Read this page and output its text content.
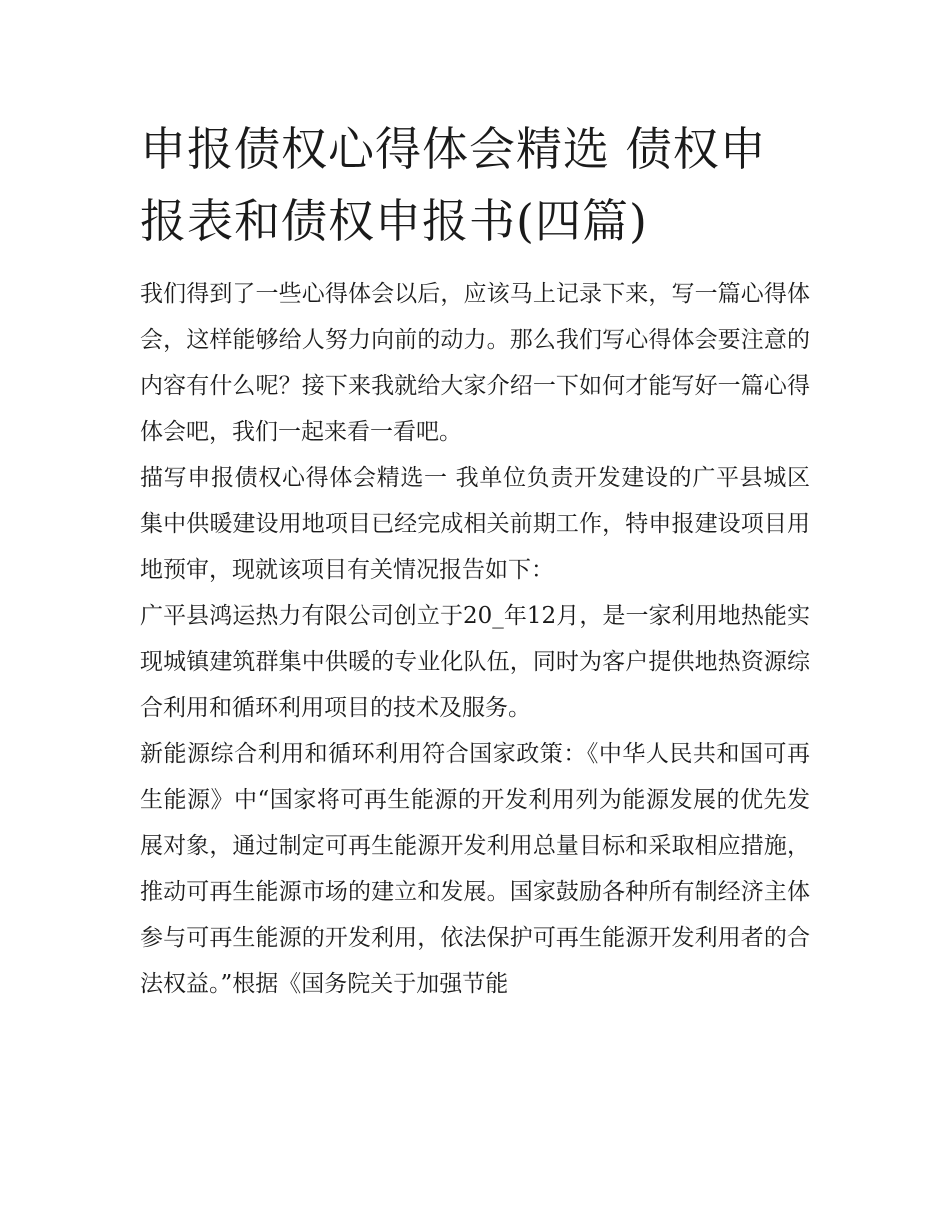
申报债权心得体会精选 债权申报表和债权申报书(四篇)

我们得到了一些心得体会以后，应该马上记录下来，写一篇心得体会，这样能够给人努力向前的动力。那么我们写心得体会要注意的内容有什么呢？接下来我就给大家介绍一下如何才能写好一篇心得体会吧，我们一起来看一看吧。

描写申报债权心得体会精选一 我单位负责开发建设的广平县城区集中供暖建设用地项目已经完成相关前期工作，特申报建设项目用地预审，现就该项目有关情况报告如下：

广平县鸿运热力有限公司创立于20_年12月，是一家利用地热能实现城镇建筑群集中供暖的专业化队伍，同时为客户提供地热资源综合利用和循环利用项目的技术及服务。

新能源综合利用和循环利用符合国家政策：《中华人民共和国可再生能源》中“国家将可再生能源的开发利用列为能源发展的优先发展对象，通过制定可再生能源开发利用总量目标和采取相应措施，推动可再生能源市场的建立和发展。国家鼓励各种所有制经济主体参与可再生能源的开发利用，依法保护可再生能源开发利用者的合法权益。”根据《国务院关于加强节能
